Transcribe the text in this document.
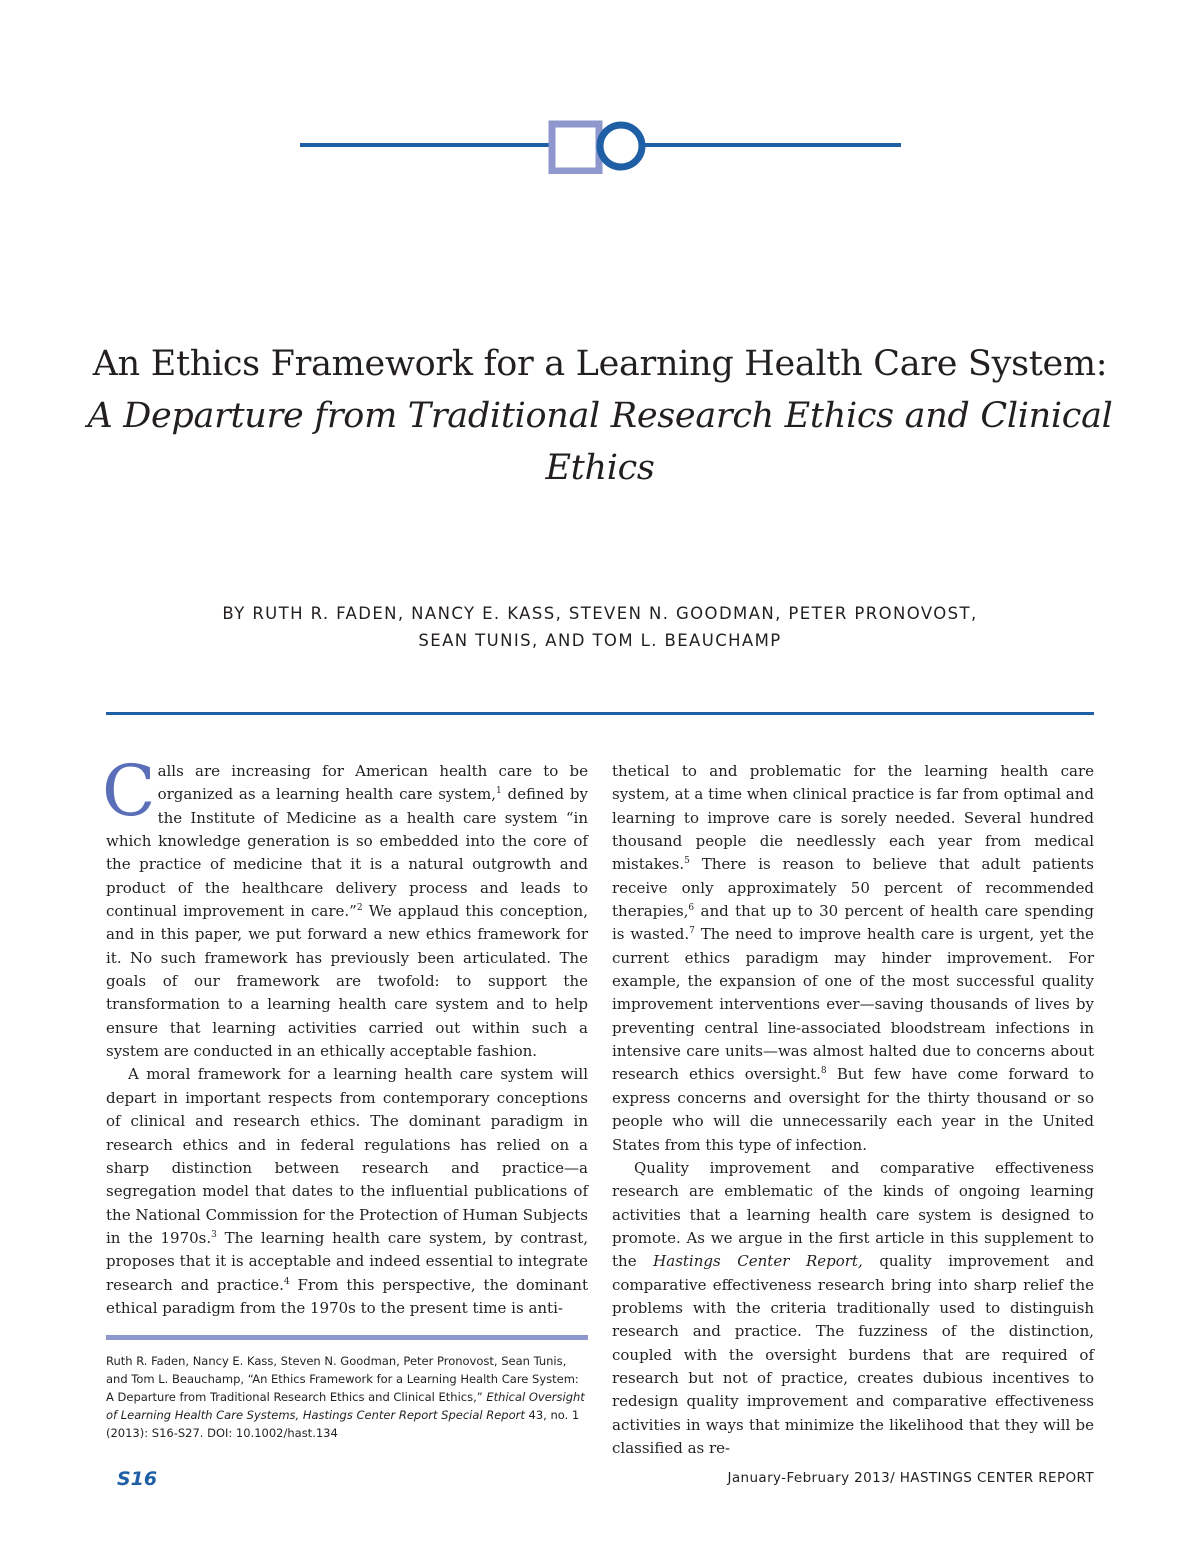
An Ethics Framework for a Learning Health Care System: A Departure from Traditional Research Ethics and Clinical Ethics
BY RUTH R. FADEN, NANCY E. KASS, STEVEN N. GOODMAN, PETER PRONOVOST,
SEAN TUNIS, AND TOM L. BEAUCHAMP

Calls are increasing for American health care to be organized as a learning health care system,$^1$ defined by the Institute of Medicine as a health care system “in which knowledge generation is so embedded into the core of the practice of medicine that it is a natural outgrowth and product of the healthcare delivery process and leads to continual improvement in care.”$^2$ We applaud this conception, and in this paper, we put forward a new ethics framework for it. No such framework has previously been articulated. The goals of our framework are twofold: to support the transformation to a learning health care system and to help ensure that learning activities carried out within such a system are conducted in an ethically acceptable fashion.

A moral framework for a learning health care system will depart in important respects from contemporary conceptions of clinical and research ethics. The dominant paradigm in research ethics and in federal regulations has relied on a sharp distinction between research and practice—a segregation model that dates to the influential publications of the National Commission for the Protection of Human Subjects in the 1970s.$^3$ The learning health care system, by contrast, proposes that it is acceptable and indeed essential to integrate research and practice.$^4$ From this perspective, the dominant ethical paradigm from the 1970s to the present time is anti-

thetical to and problematic for the learning health care system, at a time when clinical practice is far from optimal and learning to improve care is sorely needed. Several hundred thousand people die needlessly each year from medical mistakes.$^5$ There is reason to believe that adult patients receive only approximately 50 percent of recommended therapies,$^6$ and that up to 30 percent of health care spending is wasted.$^7$ The need to improve health care is urgent, yet the current ethics paradigm may hinder improvement. For example, the expansion of one of the most successful quality improvement interventions ever—saving thousands of lives by preventing central line-associated bloodstream infections in intensive care units—was almost halted due to concerns about research ethics oversight.$^8$ But few have come forward to express concerns and oversight for the thirty thousand or so people who will die unnecessarily each year in the United States from this type of infection.

Quality improvement and comparative effectiveness research are emblematic of the kinds of ongoing learning activities that a learning health care system is designed to promote. As we argue in the first article in this supplement to the Hastings Center Report, quality improvement and comparative effectiveness research bring into sharp relief the problems with the criteria traditionally used to distinguish research and practice. The fuzziness of the distinction, coupled with the oversight burdens that are required of research but not of practice, creates dubious incentives to redesign quality improvement and comparative effectiveness activities in ways that minimize the likelihood that they will be classified as re-

Ruth R. Faden, Nancy E. Kass, Steven N. Goodman, Peter Pronovost, Sean Tunis, and Tom L. Beauchamp, “An Ethics Framework for a Learning Health Care System: A Departure from Traditional Research Ethics and Clinical Ethics,” Ethical Oversight of Learning Health Care Systems, Hastings Center Report Special Report 43, no. 1 (2013): S16-S27. DOI: 10.1002/hast.134
S16	January-February 2013/ HASTINGS CENTER REPORT
